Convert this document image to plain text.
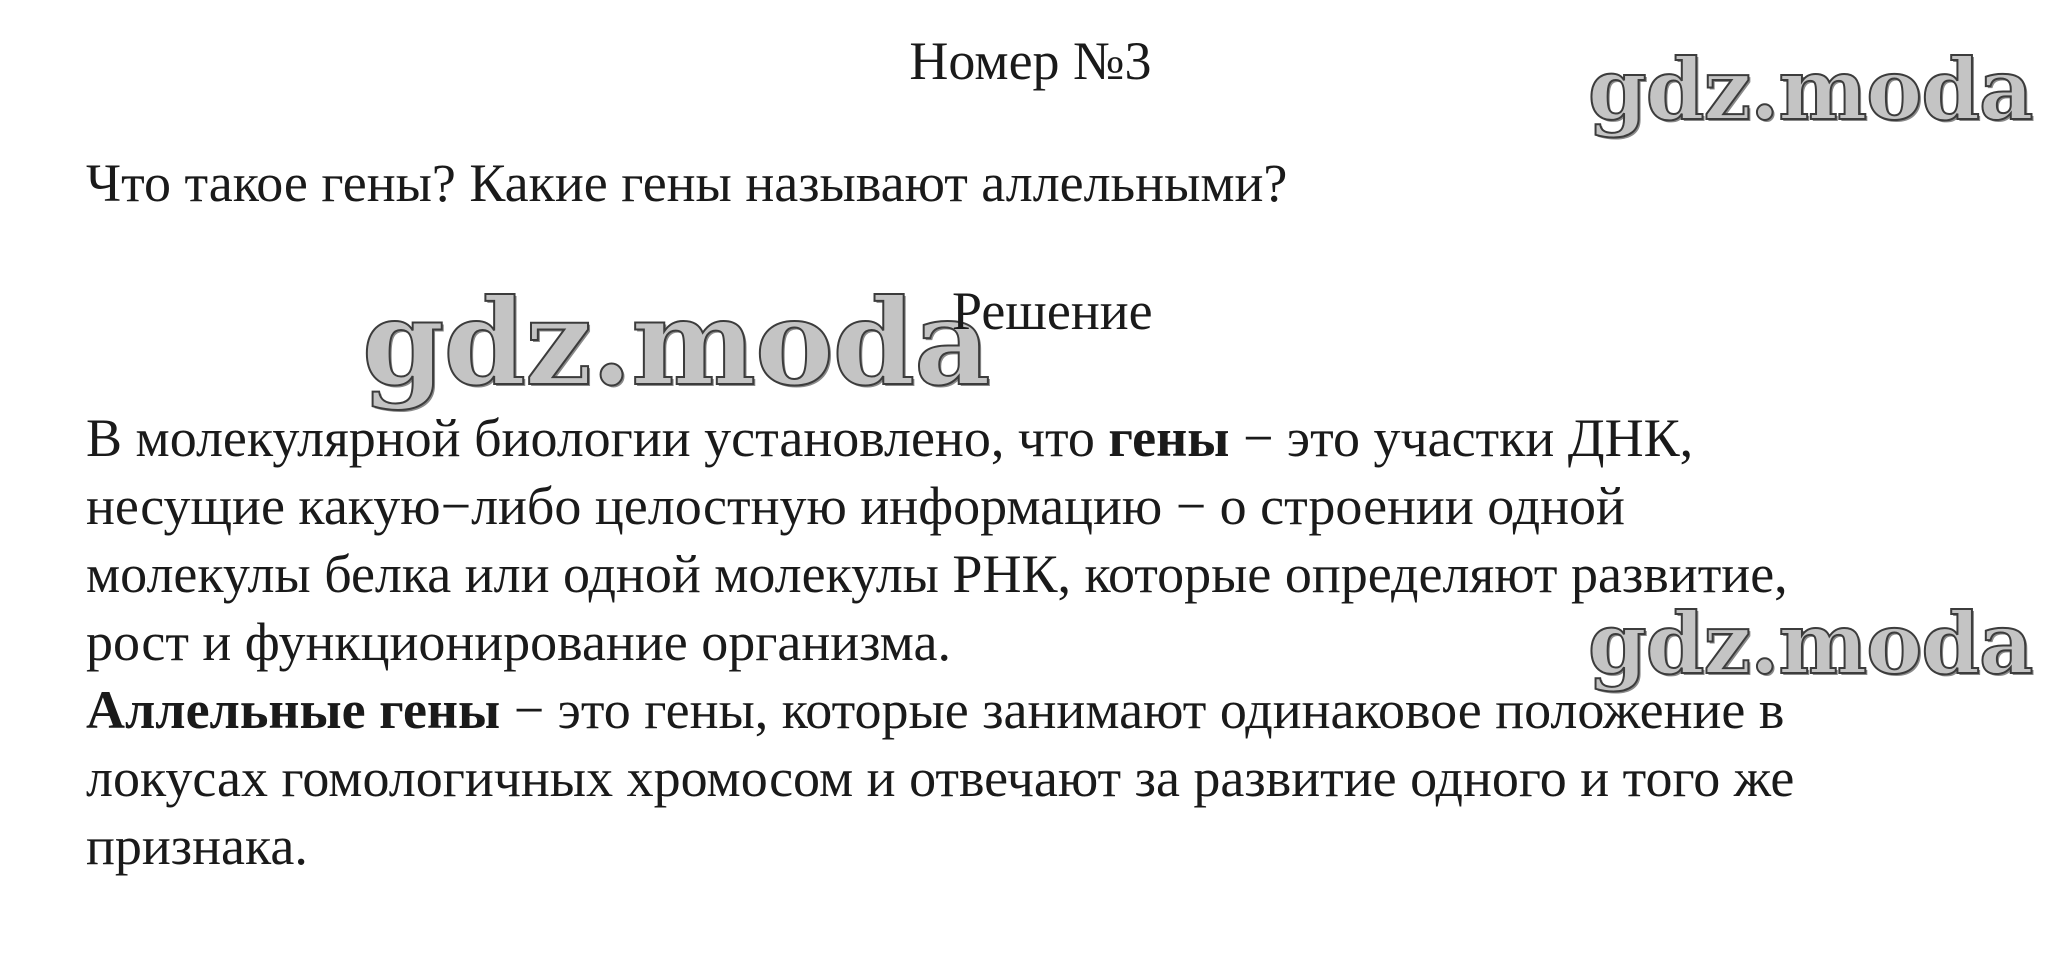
Номер №3	gdz.moda
Что такое гены? Какие гены называют аллельными?
gdz.moda
Решение
В молекулярной биологии установлено, что гены − это участки ДНК,
несущие какую−либо целостную информацию − о строении одной
молекулы белка или одной молекулы РНК, которые определяют развитие,
рост и функционирование организма.
Аллельные гены − это гены, которые занимают одинаковое положение в
локусах гомологичных хромосом и отвечают за развитие одного и того же
признака.
gdz.moda
